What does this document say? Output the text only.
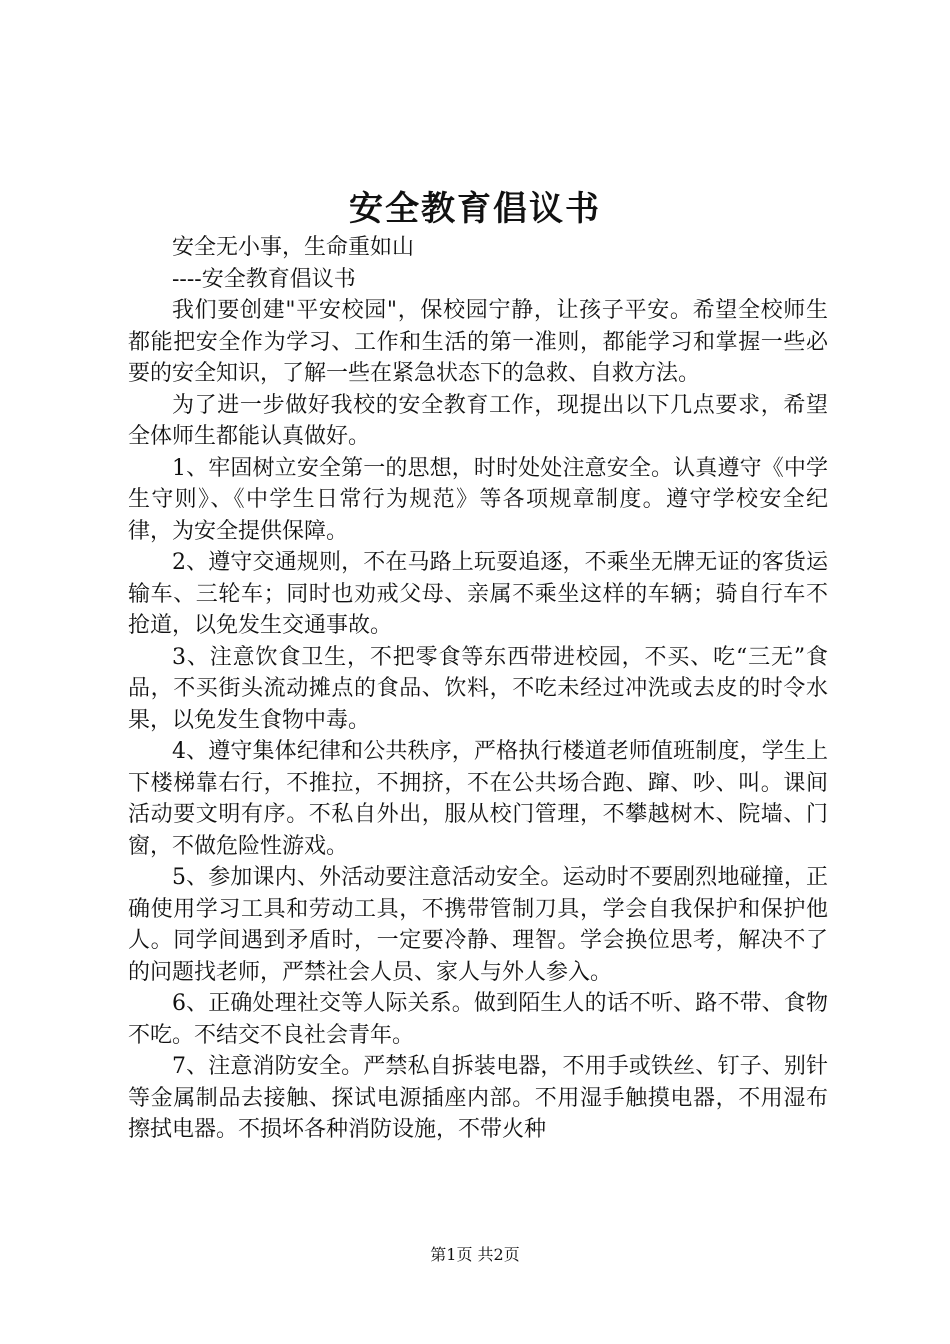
安全教育倡议书

安全无小事，生命重如山

----安全教育倡议书

我们要创建"平安校园"，保校园宁静，让孩子平安。希望全校师生都能把安全作为学习、工作和生活的第一准则，都能学习和掌握一些必要的安全知识，了解一些在紧急状态下的急救、自救方法。

为了进一步做好我校的安全教育工作，现提出以下几点要求，希望全体师生都能认真做好。

1、牢固树立安全第一的思想，时时处处注意安全。认真遵守《中学生守则》、《中学生日常行为规范》等各项规章制度。遵守学校安全纪律，为安全提供保障。

2、遵守交通规则，不在马路上玩耍追逐，不乘坐无牌无证的客货运输车、三轮车；同时也劝戒父母、亲属不乘坐这样的车辆；骑自行车不抢道，以免发生交通事故。

3、注意饮食卫生，不把零食等东西带进校园，不买、吃“三无”食品，不买街头流动摊点的食品、饮料，不吃未经过冲洗或去皮的时令水果，以免发生食物中毒。

4、遵守集体纪律和公共秩序，严格执行楼道老师值班制度，学生上下楼梯靠右行，不推拉，不拥挤，不在公共场合跑、蹿、吵、叫。课间活动要文明有序。不私自外出，服从校门管理，不攀越树木、院墙、门窗，不做危险性游戏。

5、参加课内、外活动要注意活动安全。运动时不要剧烈地碰撞，正确使用学习工具和劳动工具，不携带管制刀具，学会自我保护和保护他人。同学间遇到矛盾时，一定要冷静、理智。学会换位思考，解决不了的问题找老师，严禁社会人员、家人与外人参入。

6、正确处理社交等人际关系。做到陌生人的话不听、路不带、食物不吃。不结交不良社会青年。

7、注意消防安全。严禁私自拆装电器，不用手或铁丝、钉子、别针等金属制品去接触、探试电源插座内部。不用湿手触摸电器，不用湿布擦拭电器。不损坏各种消防设施，不带火种

第1页 共2页
